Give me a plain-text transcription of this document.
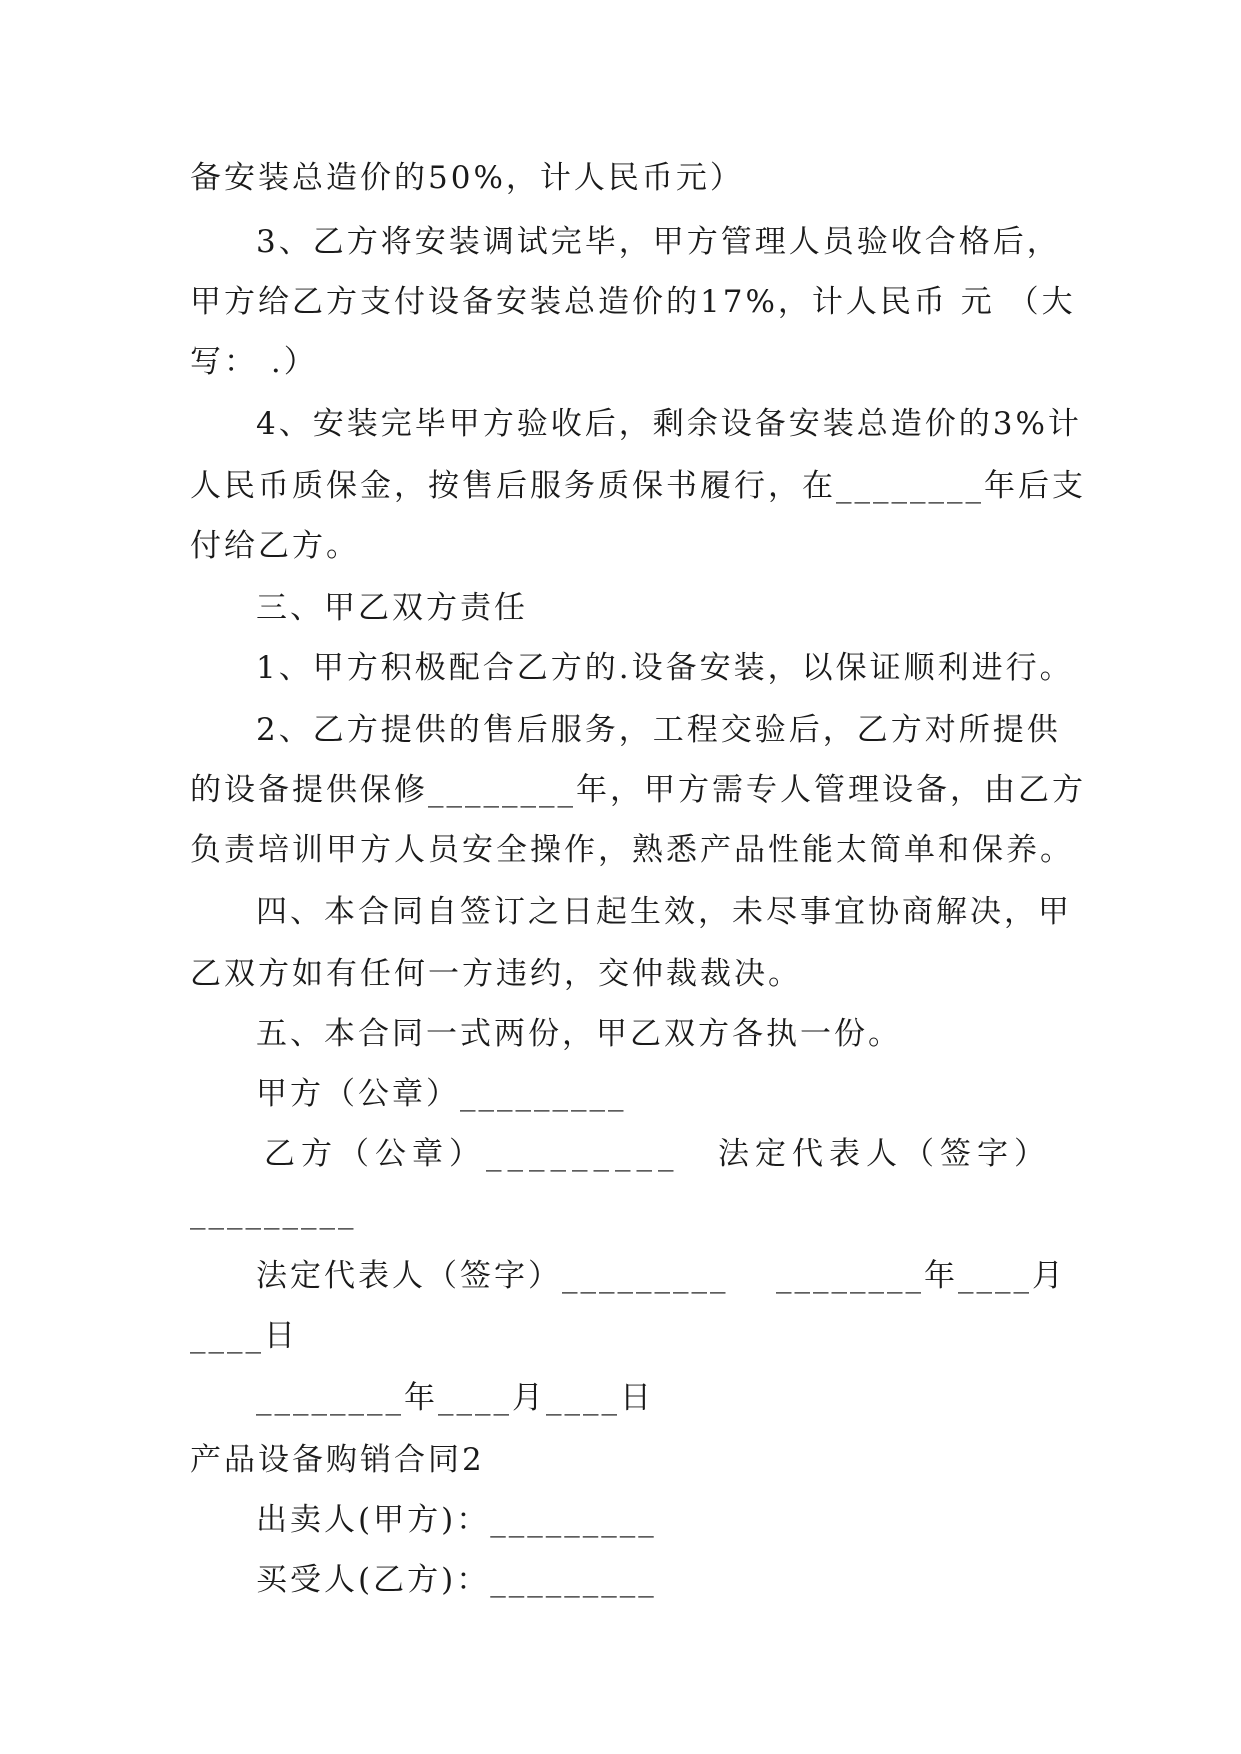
备安装总造价的50%，计人民币元）
3、乙方将安装调试完毕，甲方管理人员验收合格后，
甲方给乙方支付设备安装总造价的17%，计人民币 元 （大
写： .）
4、安装完毕甲方验收后，剩余设备安装总造价的3%计
人民币质保金，按售后服务质保书履行，在________年后支
付给乙方。
三、甲乙双方责任
1、甲方积极配合乙方的.设备安装，以保证顺利进行。
2、乙方提供的售后服务，工程交验后，乙方对所提供
的设备提供保修________年，甲方需专人管理设备，由乙方
负责培训甲方人员安全操作，熟悉产品性能太简单和保养。
四、本合同自签订之日起生效，未尽事宜协商解决，甲
乙双方如有任何一方违约，交仲裁裁决。
五、本合同一式两份，甲乙双方各执一份。
甲方（公章）_________
乙方（公章）_________ 法定代表人（签字）
_________
法定代表人（签字）_________ ________年____月
____日
________年____月____日
产品设备购销合同2
出卖人(甲方)：_________
买受人(乙方)：_________
